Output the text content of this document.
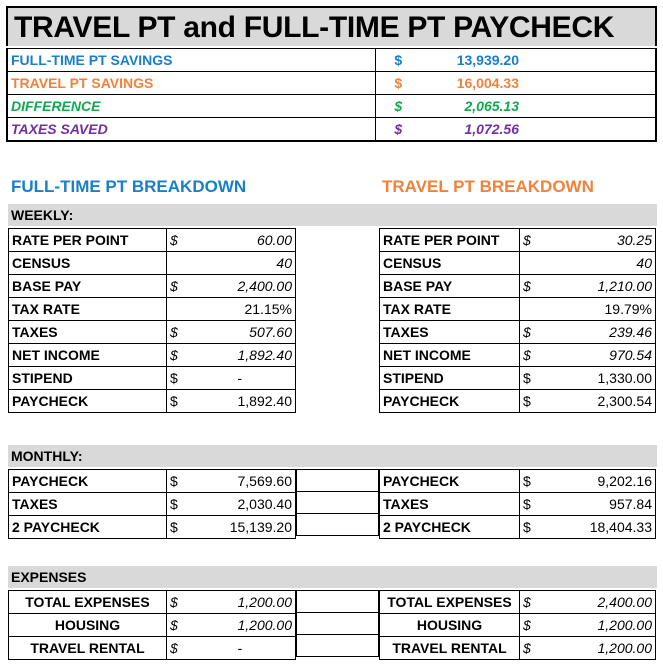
TRAVEL PT and FULL-TIME PT PAYCHECK
FULL-TIME PT SAVINGS	$	13,939.20	
TRAVEL PT SAVINGS	$	16,004.33	
DIFFERENCE	$	2,065.13	
TAXES SAVED	$	1,072.56	
FULL-TIME PT BREAKDOWN	TRAVEL PT BREAKDOWN
WEEKLY:
RATE PER POINT	$	60.00
CENSUS	40	
BASE PAY	$	2,400.00
TAX RATE	21.15%	
TAXES	$	507.60
NET INCOME	$	1,892.40
STIPEND	$	-
PAYCHECK	$	1,892.40
RATE PER POINT	$	30.25
CENSUS	40	
BASE PAY	$	1,210.00
TAX RATE	19.79%	
TAXES	$	239.46
NET INCOME	$	970.54
STIPEND	$	1,330.00
PAYCHECK	$	2,300.54
MONTHLY:
PAYCHECK	$	7,569.60
TAXES	$	2,030.40
2 PAYCHECK	$	15,139.20

PAYCHECK	$	9,202.16
TAXES	$	957.84
2 PAYCHECK	$	18,404.33
EXPENSES
TOTAL EXPENSES	$	1,200.00
HOUSING	$	1,200.00
TRAVEL RENTAL	$	-

TOTAL EXPENSES	$	2,400.00
HOUSING	$	1,200.00
TRAVEL RENTAL	$	1,200.00
